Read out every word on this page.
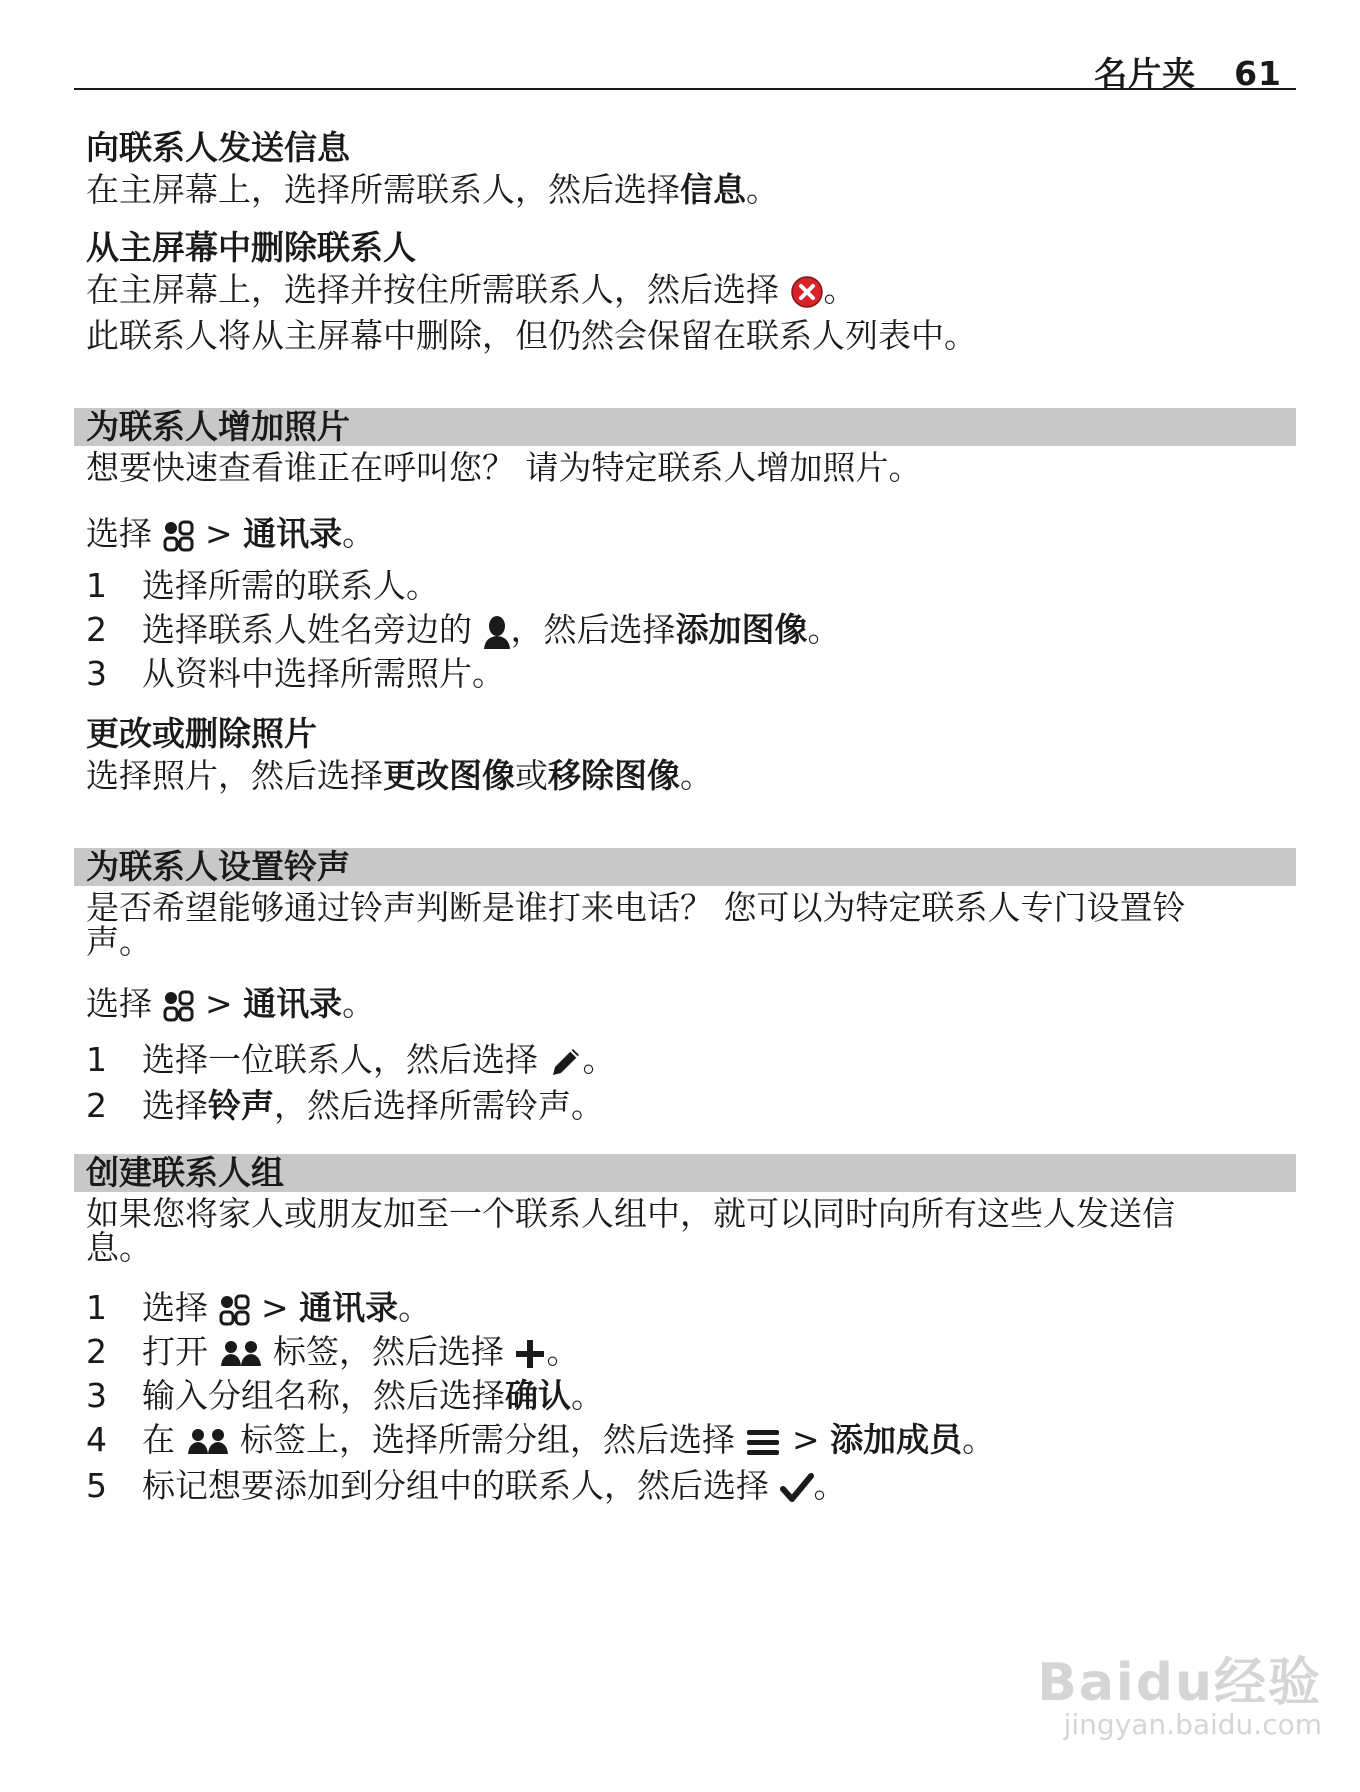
名片夹 61
向联系人发送信息
在主屏幕上，选择所需联系人，然后选择信息。
从主屏幕中删除联系人
在主屏幕上，选择并按住所需联系人，然后选择 。
此联系人将从主屏幕中删除，但仍然会保留在联系人列表中。
为联系人增加照片
想要快速查看谁正在呼叫您？ 请为特定联系人增加照片。
选择  > 通讯录。
1	选择所需的联系人。
2	选择联系人姓名旁边的 ，然后选择添加图像。
3	从资料中选择所需照片。
更改或删除照片
选择照片，然后选择更改图像或移除图像。
为联系人设置铃声
是否希望能够通过铃声判断是谁打来电话？ 您可以为特定联系人专门设置铃
声。
选择  > 通讯录。
1	选择一位联系人，然后选择 。
2	选择铃声，然后选择所需铃声。
创建联系人组
如果您将家人或朋友加至一个联系人组中，就可以同时向所有这些人发送信
息。
1	选择  > 通讯录。
2	打开  标签，然后选择 。
3	输入分组名称，然后选择确认。
4	在  标签上，选择所需分组，然后选择  > 添加成员。
5	标记想要添加到分组中的联系人，然后选择 。
Baidu经验
jingyan.baidu.com
